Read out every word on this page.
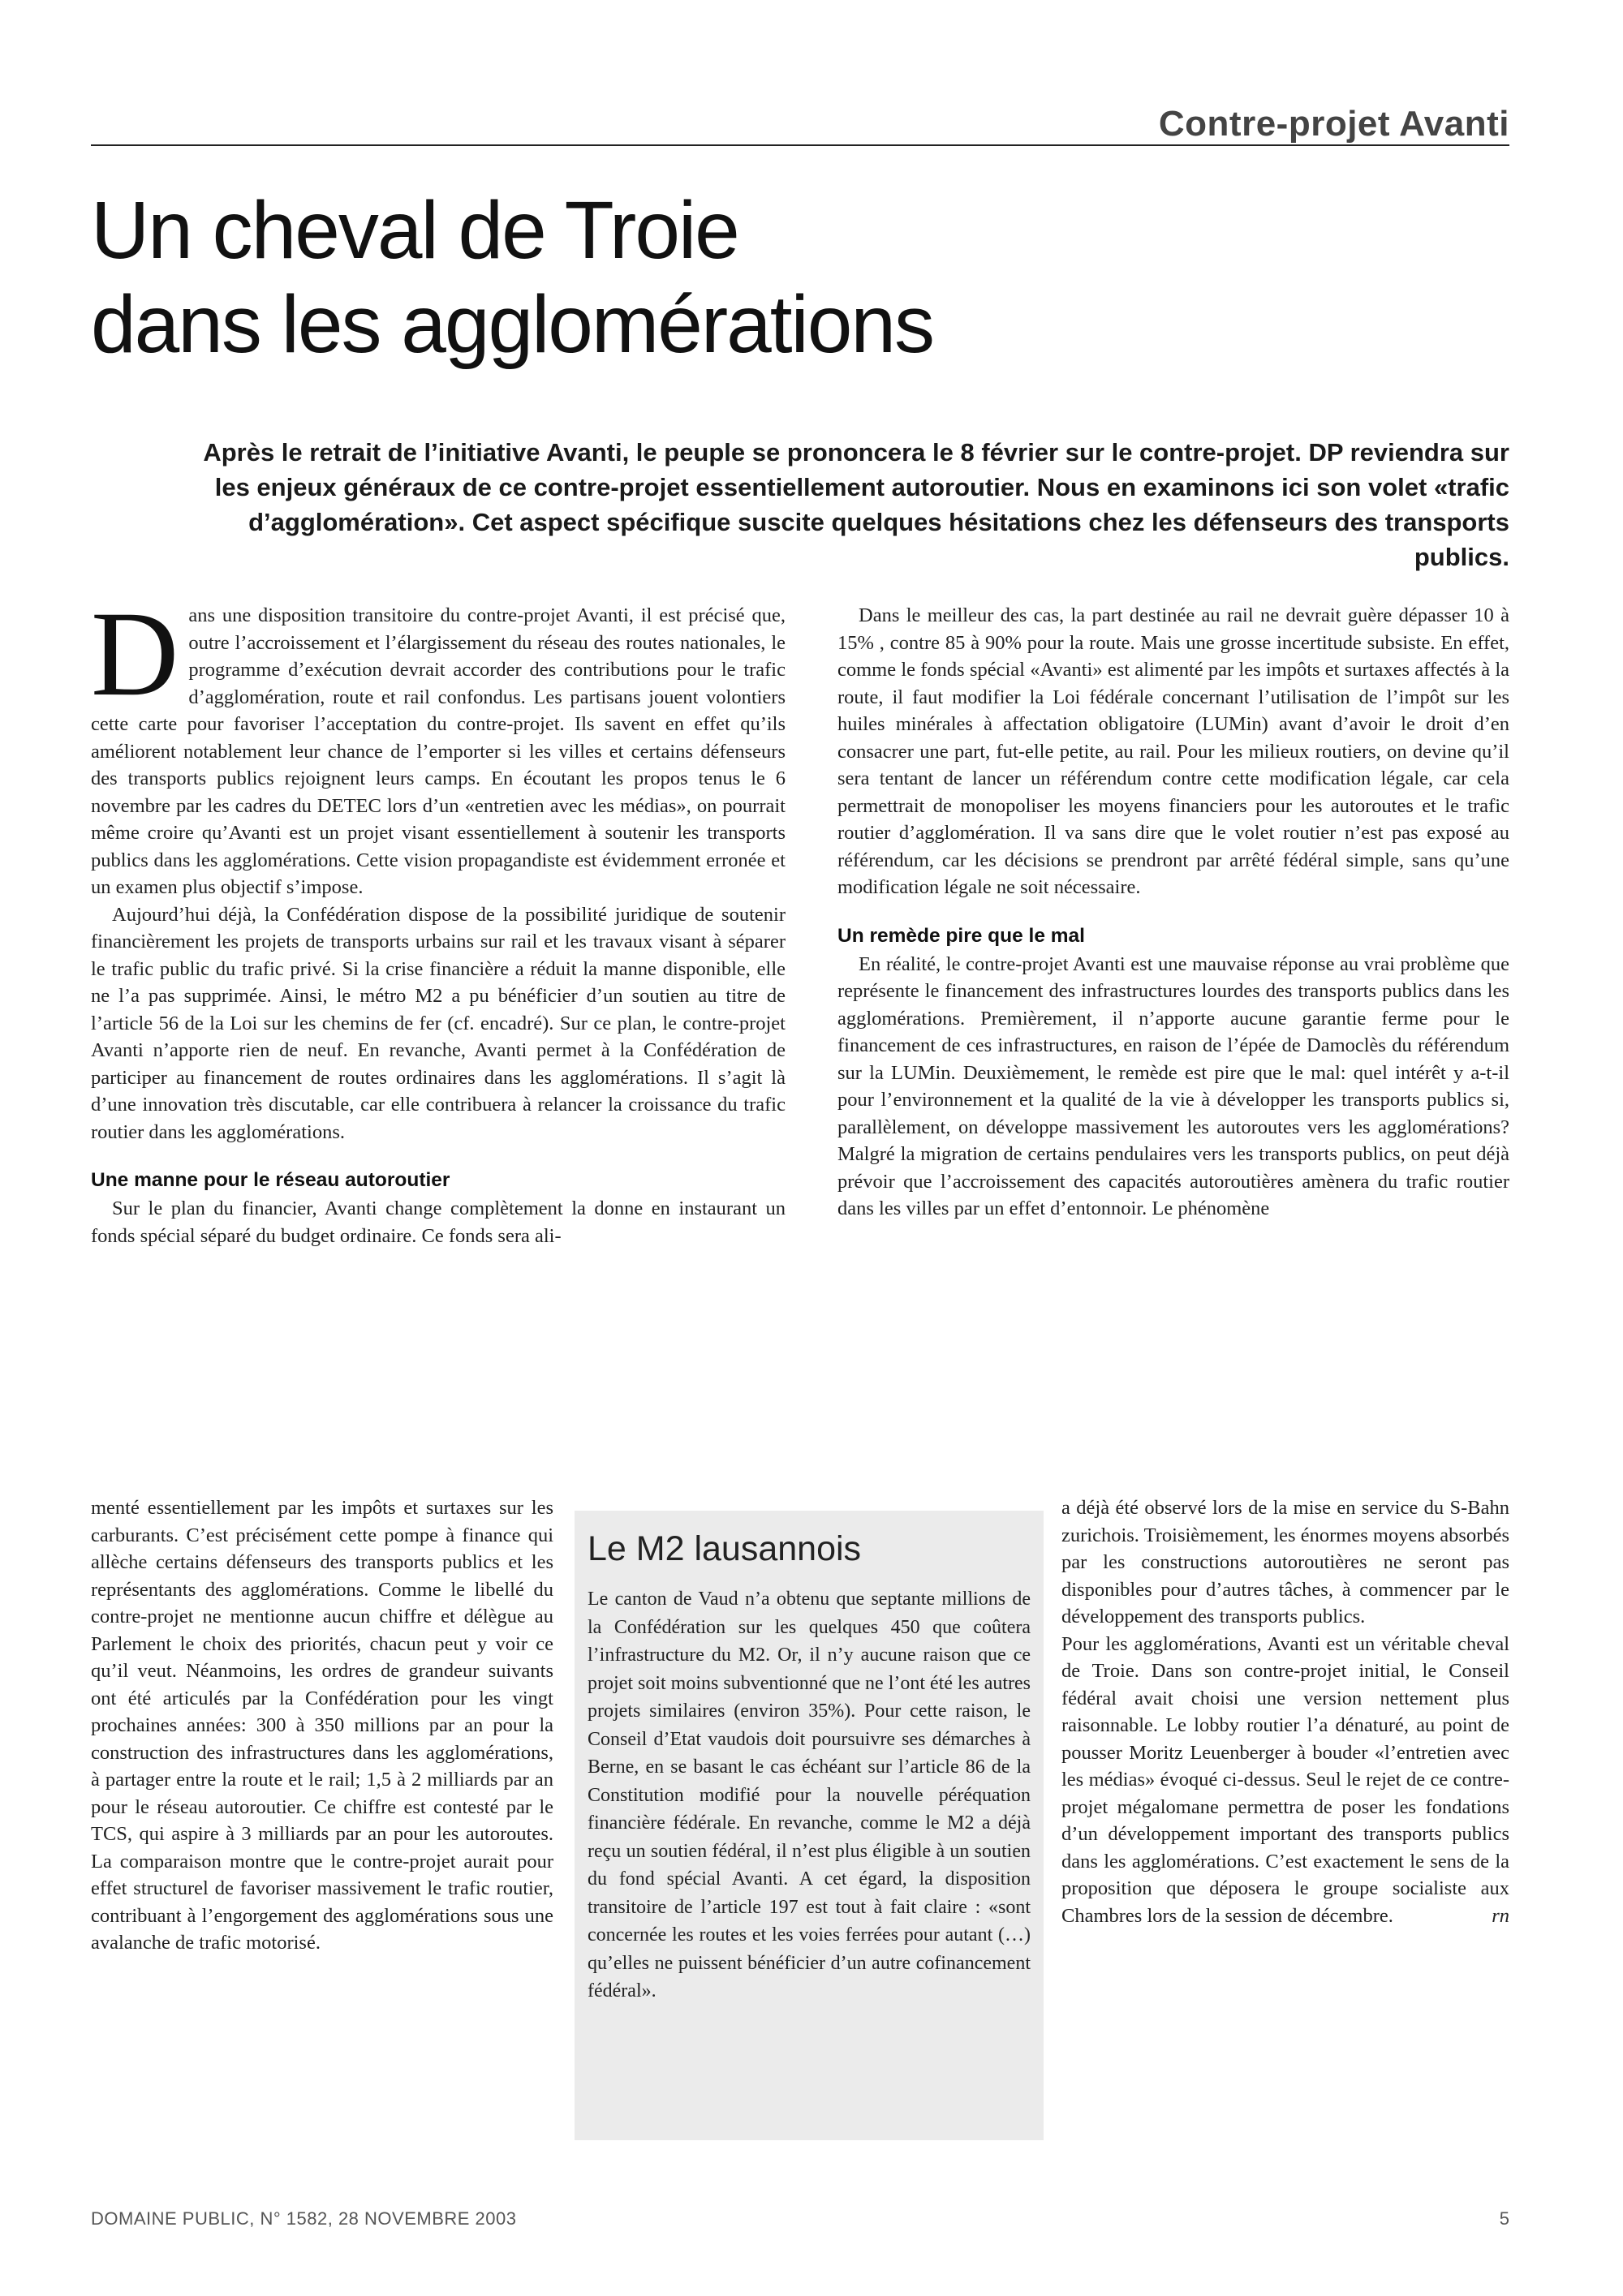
Contre-projet Avanti
Un cheval de Troie
dans les agglomérations

Après le retrait de l’initiative Avanti, le peuple se prononcera le 8 février sur le contre-projet. DP reviendra sur les enjeux généraux de ce contre-projet essentiellement autoroutier. Nous en examinons ici son volet «trafic d’agglomération». Cet aspect spécifique suscite quelques hésitations chez les défenseurs des transports publics.

Dans une disposition transitoire du contre-projet Avanti, il est précisé que, outre l’accroissement et l’élargissement du réseau des routes nationales, le programme d’exécution devrait accorder des contributions pour le trafic d’agglomération, route et rail confondus. Les partisans jouent volontiers cette carte pour favoriser l’acceptation du contre-projet. Ils savent en effet qu’ils améliorent notablement leur chance de l’emporter si les villes et certains défenseurs des transports publics rejoignent leurs camps. En écoutant les propos tenus le 6 novembre par les cadres du DETEC lors d’un «entretien avec les médias», on pourrait même croire qu’Avanti est un projet visant essentiellement à soutenir les transports publics dans les agglomérations. Cette vision propagandiste est évidemment erronée et un examen plus objectif s’impose.

Aujourd’hui déjà, la Confédération dispose de la possibilité juridique de soutenir financièrement les projets de transports urbains sur rail et les travaux visant à séparer le trafic public du trafic privé. Si la crise financière a réduit la manne disponible, elle ne l’a pas supprimée. Ainsi, le métro M2 a pu bénéficier d’un soutien au titre de l’article 56 de la Loi sur les chemins de fer (cf. encadré). Sur ce plan, le contre-projet Avanti n’apporte rien de neuf. En revanche, Avanti permet à la Confédération de participer au financement de routes ordinaires dans les agglomérations. Il s’agit là d’une innovation très discutable, car elle contribuera à relancer la croissance du trafic routier dans les agglomérations.

Une manne pour le réseau autoroutier

Sur le plan du financier, Avanti change complètement la donne en instaurant un fonds spécial séparé du budget ordinaire. Ce fonds sera ali-

menté essentiellement par les impôts et surtaxes sur les carburants. C’est précisément cette pompe à finance qui allèche certains défenseurs des transports publics et les représentants des agglomérations. Comme le libellé du contre-projet ne mentionne aucun chiffre et délègue au Parlement le choix des priorités, chacun peut y voir ce qu’il veut. Néanmoins, les ordres de grandeur suivants ont été articulés par la Confédération pour les vingt prochaines années: 300 à 350 millions par an pour la construction des infrastructures dans les agglomérations, à partager entre la route et le rail; 1,5 à 2 milliards par an pour le réseau autoroutier. Ce chiffre est contesté par le TCS, qui aspire à 3 milliards par an pour les autoroutes. La comparaison montre que le contre-projet aurait pour effet structurel de favoriser massivement le trafic routier, contribuant à l’engorgement des agglomérations sous une avalanche de trafic motorisé.

Dans le meilleur des cas, la part destinée au rail ne devrait guère dépasser 10 à 15% , contre 85 à 90% pour la route. Mais une grosse incertitude subsiste. En effet, comme le fonds spécial «Avanti» est alimenté par les impôts et surtaxes affectés à la route, il faut modifier la Loi fédérale concernant l’utilisation de l’impôt sur les huiles minérales à affectation obligatoire (LUMin) avant d’avoir le droit d’en consacrer une part, fut-elle petite, au rail. Pour les milieux routiers, on devine qu’il sera tentant de lancer un référendum contre cette modification légale, car cela permettrait de monopoliser les moyens financiers pour les autoroutes et le trafic routier d’agglomération. Il va sans dire que le volet routier n’est pas exposé au référendum, car les décisions se prendront par arrêté fédéral simple, sans qu’une modification légale ne soit nécessaire.

Un remède pire que le mal

En réalité, le contre-projet Avanti est une mauvaise réponse au vrai problème que représente le financement des infrastructures lourdes des transports publics dans les agglomérations. Premièrement, il n’apporte aucune garantie ferme pour le financement de ces infrastructures, en raison de l’épée de Damoclès du référendum sur la LUMin. Deuxièmement, le remède est pire que le mal: quel intérêt y a-t-il pour l’environnement et la qualité de la vie à développer les transports publics si, parallèlement, on développe massivement les autoroutes vers les agglomérations? Malgré la migration de certains pendulaires vers les transports publics, on peut déjà prévoir que l’accroissement des capacités autoroutières amènera du trafic routier dans les villes par un effet d’entonnoir. Le phénomène

a déjà été observé lors de la mise en service du S-Bahn zurichois. Troisièmement, les énormes moyens absorbés par les constructions autoroutières ne seront pas disponibles pour d’autres tâches, à commencer par le développement des transports publics.

Pour les agglomérations, Avanti est un véritable cheval de Troie. Dans son contre-projet initial, le Conseil fédéral avait choisi une version nettement plus raisonnable. Le lobby routier l’a dénaturé, au point de pousser Moritz Leuenberger à bouder «l’entretien avec les médias» évoqué ci-dessus. Seul le rejet de ce contre-projet mégalomane permettra de poser les fondations d’un développement important des transports publics dans les agglomérations. C’est exactement le sens de la proposition que déposera le groupe socialiste aux Chambres lors de la session de décembre.	rn

Le M2 lausannois

Le canton de Vaud n’a obtenu que septante millions de la Confédération sur les quelques 450 que coûtera l’infrastructure du M2. Or, il n’y aucune raison que ce projet soit moins subventionné que ne l’ont été les autres projets similaires (environ 35%). Pour cette raison, le Conseil d’Etat vaudois doit poursuivre ses démarches à Berne, en se basant le cas échéant sur l’article 86 de la Constitution modifié pour la nouvelle péréquation financière fédérale. En revanche, comme le M2 a déjà reçu un soutien fédéral, il n’est plus éligible à un soutien du fond spécial Avanti. A cet égard, la disposition transitoire de l’article 197 est tout à fait claire : «sont concernée les routes et les voies ferrées pour autant (…) qu’elles ne puissent bénéficier d’un autre cofinancement fédéral».

DOMAINE PUBLIC, N° 1582, 28 NOVEMBRE 2003	5
